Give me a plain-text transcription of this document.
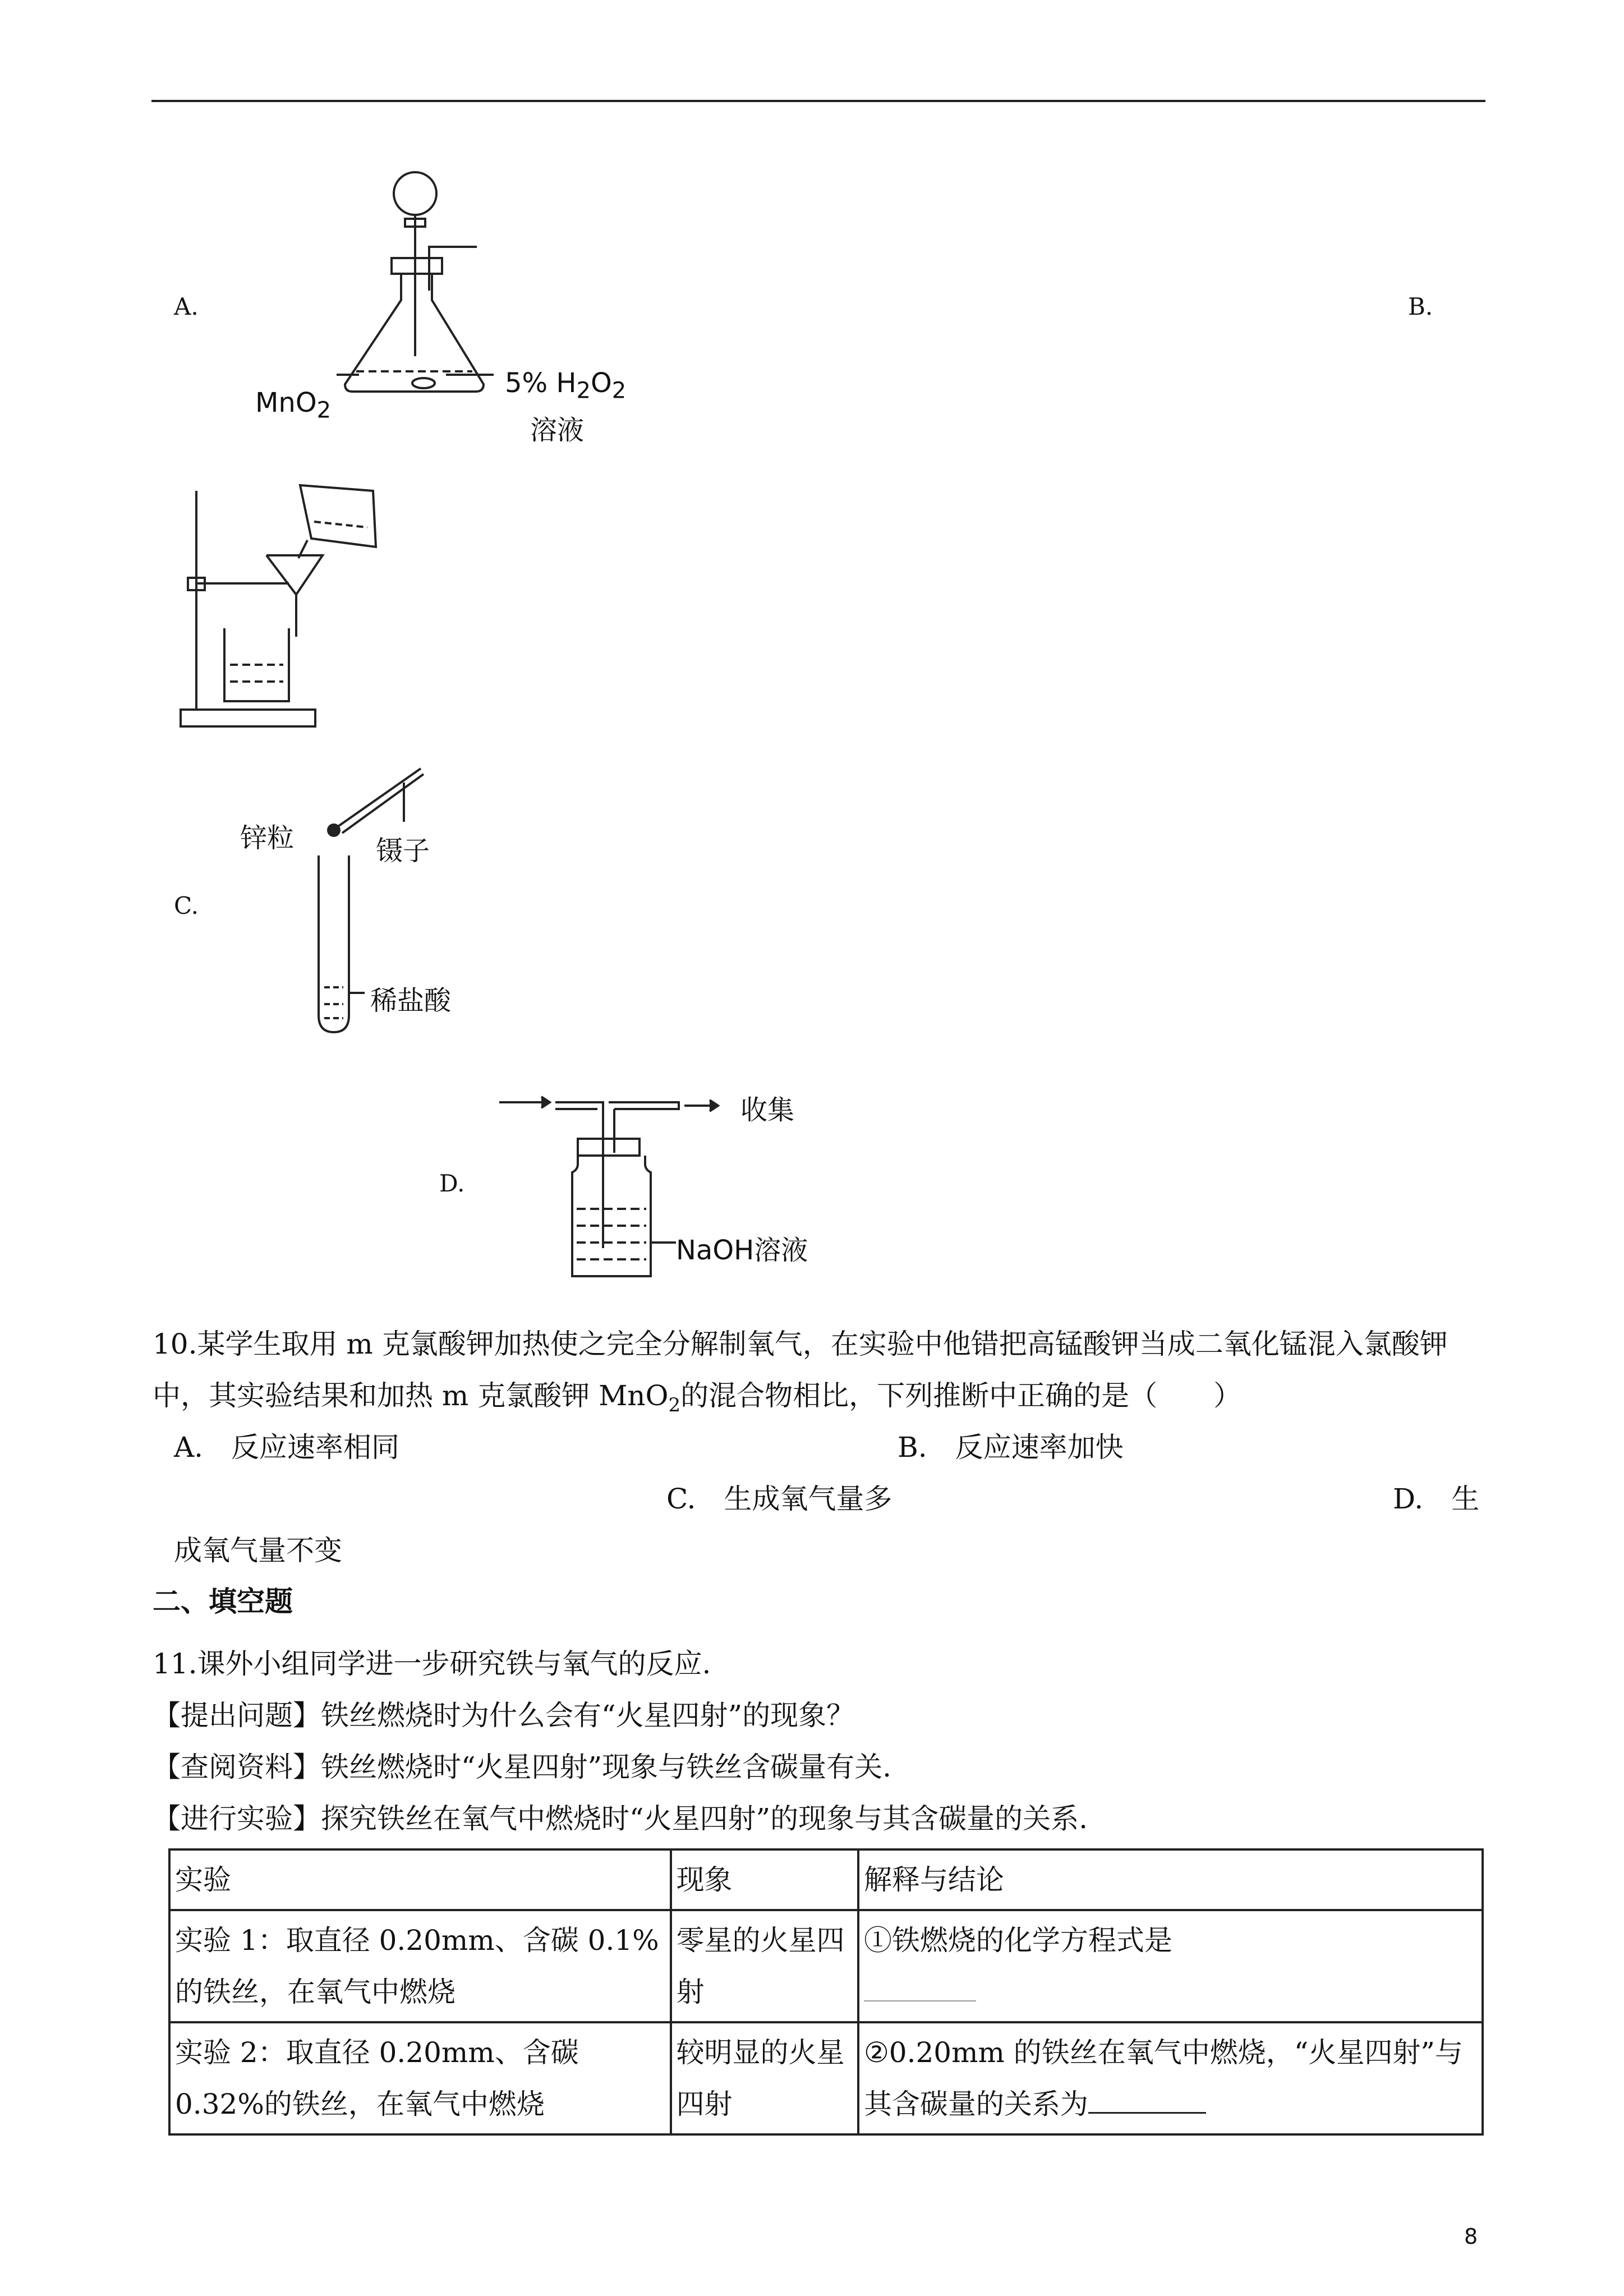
A.	B.
MnO$_2$
5% $H_2O_2$
溶液
C.
锌粒	镊子
稀盐酸
D.
收集
NaOH溶液
10.某学生取用 m 克氯酸钾加热使之完全分解制氧气，在实验中他错把高锰酸钾当成二氧化锰混入氯酸钾
中，其实验结果和加热 m 克氯酸钾 MnO$_2$的混合物相比，下列推断中正确的是（　　）
A.　反应速率相同	B.　反应速率加快
C.　生成氧气量多	D.　生
成氧气量不变
二、填空题
11.课外小组同学进一步研究铁与氧气的反应.
【提出问题】铁丝燃烧时为什么会有“火星四射”的现象？
【查阅资料】铁丝燃烧时“火星四射”现象与铁丝含碳量有关.
【进行实验】探究铁丝在氧气中燃烧时“火星四射”的现象与其含碳量的关系.
实验	现象	解释与结论
实验 1：取直径 0.20mm、含碳 0.1%的铁丝，在氧气中燃烧	零星的火星四射	①铁燃烧的化学方程式是

实验 2：取直径 0.20mm、含碳 0.32%的铁丝，在氧气中燃烧	较明显的火星四射	②0.20mm 的铁丝在氧气中燃烧，“火星四射”与其含碳量的关系为
8
